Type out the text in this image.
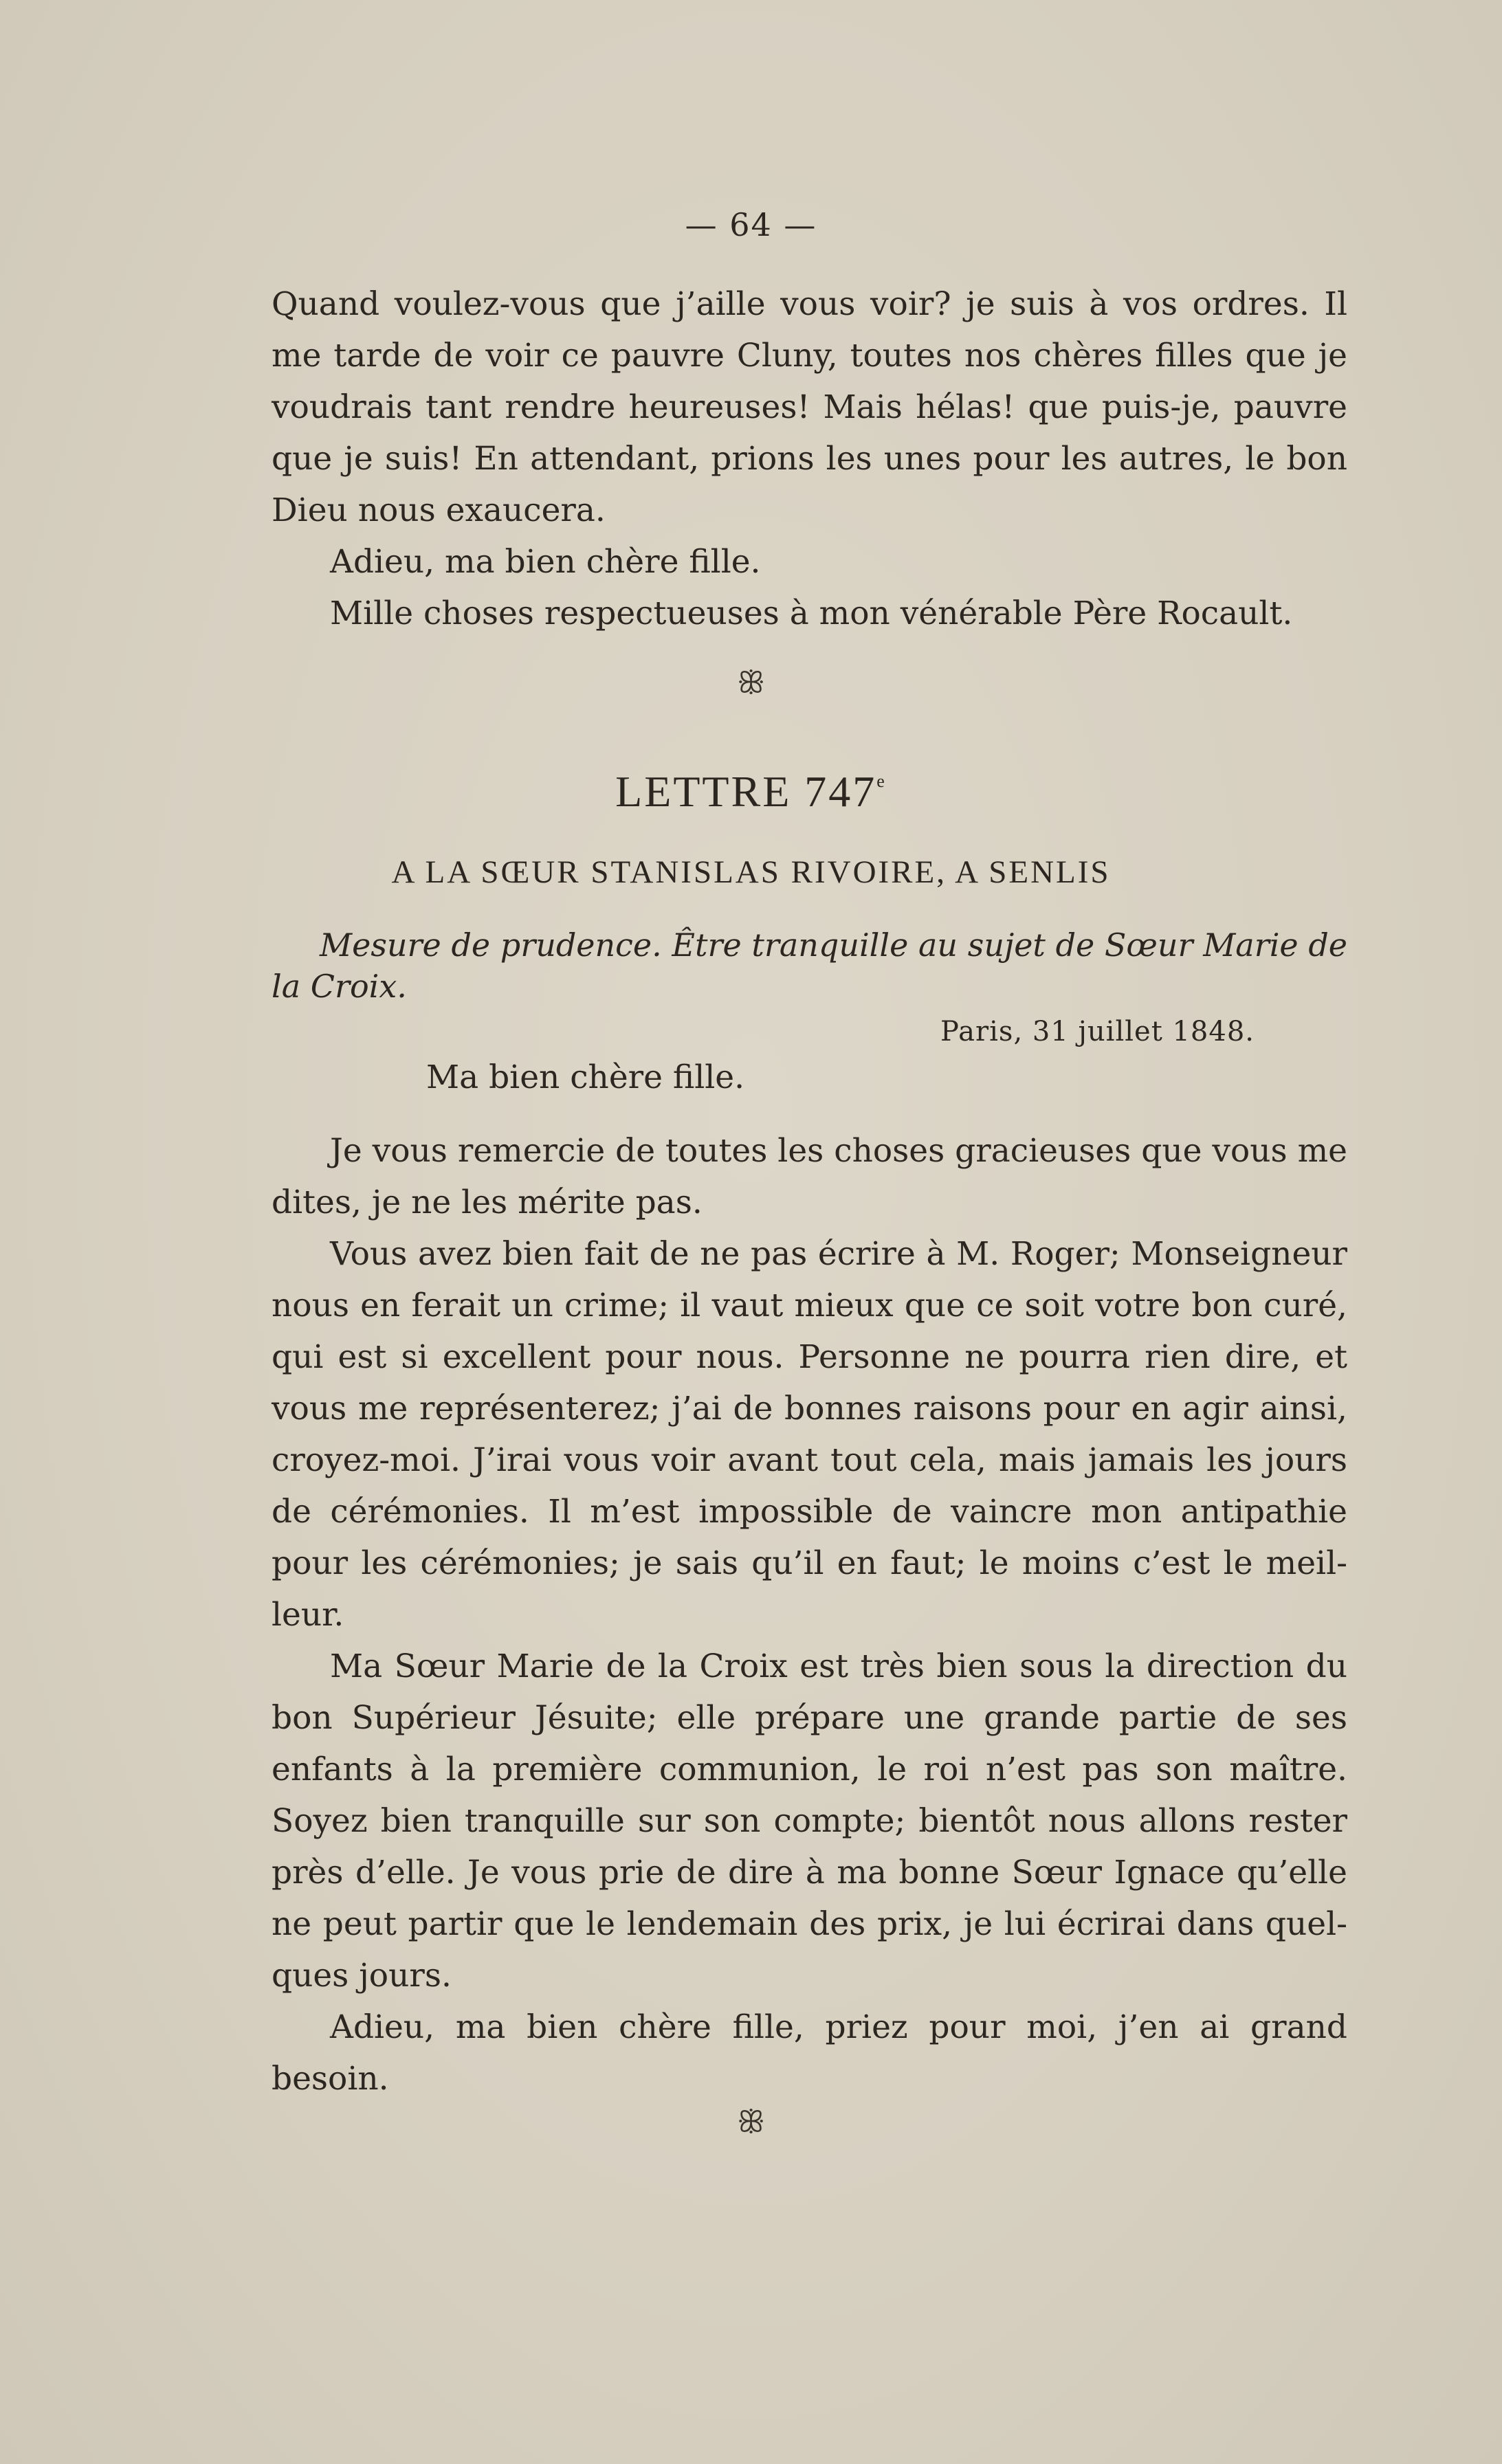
— 64 —

Quand voulez-vous que j’aille vous voir? je suis à vos ordres. Il me tarde de voir ce pauvre Cluny, toutes nos chères filles que je voudrais tant rendre heureuses! Mais hélas! que puis-je, pauvre que je suis! En attendant, prions les unes pour les autres, le bon Dieu nous exaucera.

Adieu, ma bien chère fille.

Mille choses respectueuses à mon vénérable Père Rocault.

ꕥ
LETTRE 747e
A LA SŒUR STANISLAS RIVOIRE, A SENLIS
Mesure de prudence. Être tranquille au sujet de Sœur Marie de la Croix.
Paris, 31 juillet 1848.
Ma bien chère fille.

Je vous remercie de toutes les choses gracieuses que vous me dites, je ne les mérite pas.

Vous avez bien fait de ne pas écrire à M. Roger; Monseigneur nous en ferait un crime; il vaut mieux que ce soit votre bon curé, qui est si excellent pour nous. Personne ne pourra rien dire, et vous me représenterez; j’ai de bonnes raisons pour en agir ainsi, croyez-moi. J’irai vous voir avant tout cela, mais jamais les jours de cérémonies. Il m’est impossible de vaincre mon antipathie pour les cérémonies; je sais qu’il en faut; le moins c’est le meil-leur.

Ma Sœur Marie de la Croix est très bien sous la direction du bon Supérieur Jésuite; elle prépare une grande partie de ses enfants à la première communion, le roi n’est pas son maître. Soyez bien tranquille sur son compte; bientôt nous allons rester près d’elle. Je vous prie de dire à ma bonne Sœur Ignace qu’elle ne peut partir que le lendemain des prix, je lui écrirai dans quel-ques jours.

Adieu, ma bien chère fille, priez pour moi, j’en ai grand besoin.

ꕥ
